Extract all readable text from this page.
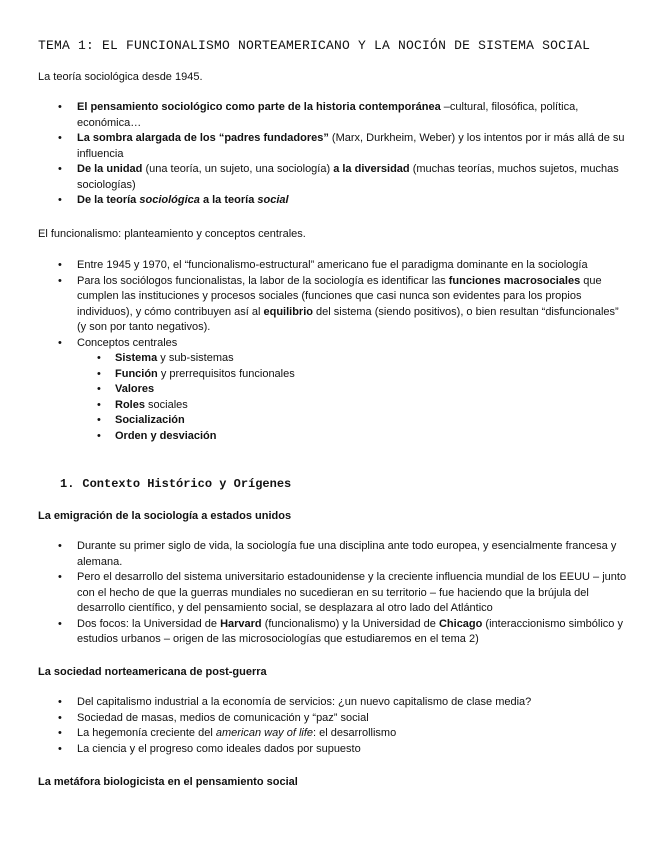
TEMA 1: EL FUNCIONALISMO NORTEAMERICANO Y LA NOCIÓN DE SISTEMA SOCIAL
La teoría sociológica desde 1945.
• El pensamiento sociológico como parte de la historia contemporánea –cultural, filosófica, política, económica…
• La sombra alargada de los “padres fundadores” (Marx, Durkheim, Weber) y los intentos por ir más allá de su influencia
• De la unidad (una teoría, un sujeto, una sociología) a la diversidad (muchas teorías, muchos sujetos, muchas sociologías)
• De la teoría sociológica a la teoría social
El funcionalismo: planteamiento y conceptos centrales.
• Entre 1945 y 1970, el “funcionalismo-estructural” americano fue el paradigma dominante en la sociología
• Para los sociólogos funcionalistas, la labor de la sociología es identificar las funciones macrosociales que cumplen las instituciones y procesos sociales (funciones que casi nunca son evidentes para los propios individuos), y cómo contribuyen así al equilibrio del sistema (siendo positivos), o bien resultan “disfuncionales” (y son por tanto negativos).
• Conceptos centrales
• Sistema y sub-sistemas
• Función y prerrequisitos funcionales
• Valores
• Roles sociales
• Socialización
• Orden y desviación
1. Contexto Histórico y Orígenes
La emigración de la sociología a estados unidos
• Durante su primer siglo de vida, la sociología fue una disciplina ante todo europea, y esencialmente francesa y alemana.
• Pero el desarrollo del sistema universitario estadounidense y la creciente influencia mundial de los EEUU – junto con el hecho de que la guerras mundiales no sucedieran en su territorio – fue haciendo que la brújula del desarrollo científico, y del pensamiento social, se desplazara al otro lado del Atlántico
• Dos focos: la Universidad de Harvard (funcionalismo) y la Universidad de Chicago (interaccionismo simbólico y estudios urbanos – origen de las microsociologías que estudiaremos en el tema 2)
La sociedad norteamericana de post-guerra
• Del capitalismo industrial a la economía de servicios: ¿un nuevo capitalismo de clase media?
• Sociedad de masas, medios de comunicación y “paz” social
• La hegemonía creciente del american way of life: el desarrollismo
• La ciencia y el progreso como ideales dados por supuesto
La metáfora biologicista en el pensamiento social
